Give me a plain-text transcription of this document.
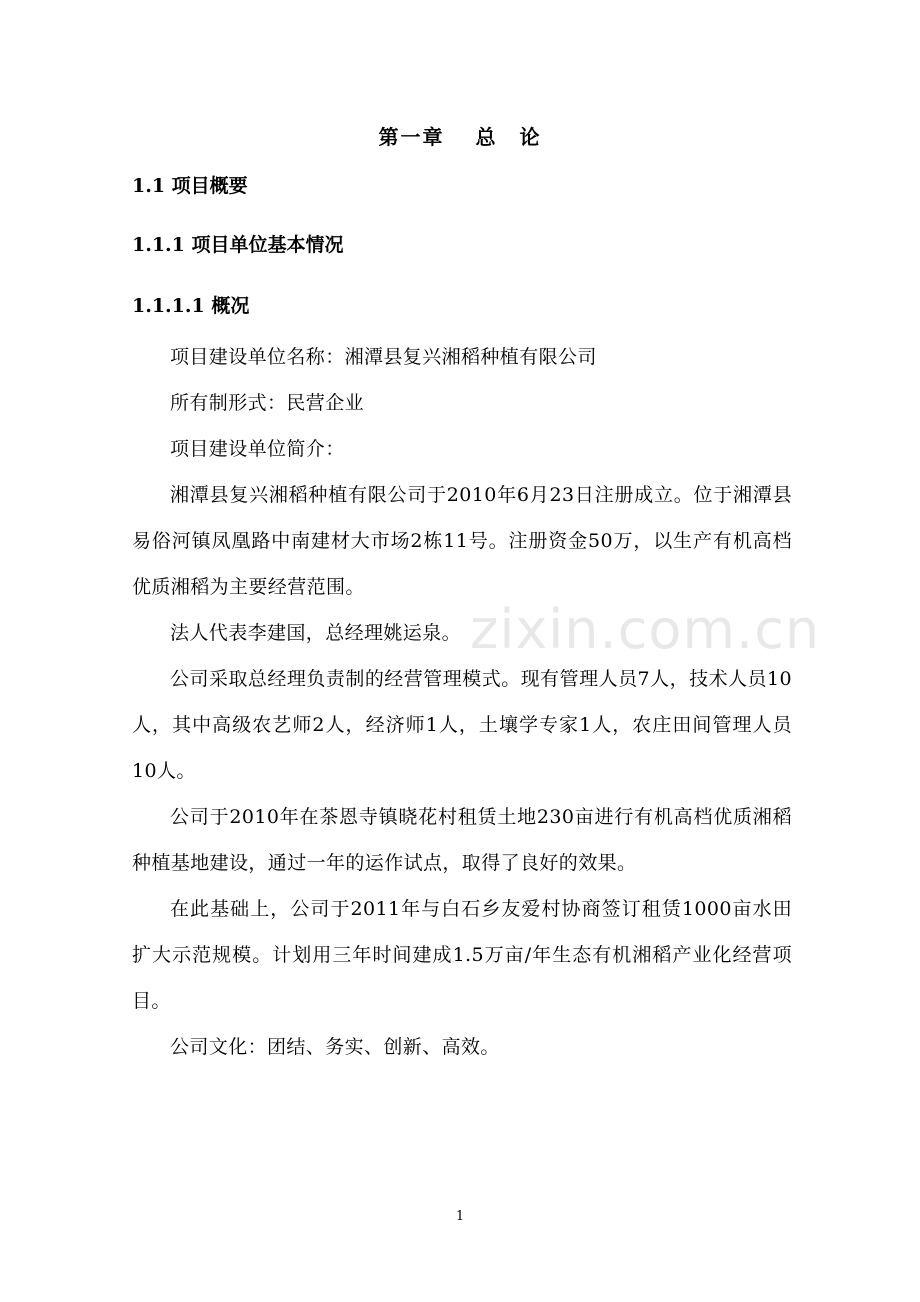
第一章　 总　论
1.1 项目概要
1.1.1 项目单位基本情况
1.1.1.1 概况

项目建设单位名称：湘潭县复兴湘稻种植有限公司

所有制形式：民营企业

项目建设单位简介：

湘潭县复兴湘稻种植有限公司于2010年6月23日注册成立。位于湘潭县易俗河镇凤凰路中南建材大市场2栋11号。注册资金50万，以生产有机高档优质湘稻为主要经营范围。

法人代表李建国，总经理姚运泉。

公司采取总经理负责制的经营管理模式。现有管理人员7人，技术人员10人，其中高级农艺师2人，经济师1人，土壤学专家1人，农庄田间管理人员10人。

公司于2010年在茶恩寺镇晓花村租赁土地230亩进行有机高档优质湘稻种植基地建设，通过一年的运作试点，取得了良好的效果。

在此基础上，公司于2011年与白石乡友爱村协商签订租赁1000亩水田扩大示范规模。计划用三年时间建成1.5万亩/年生态有机湘稻产业化经营项目。

公司文化：团结、务实、创新、高效。

zixin.com.cn
1
